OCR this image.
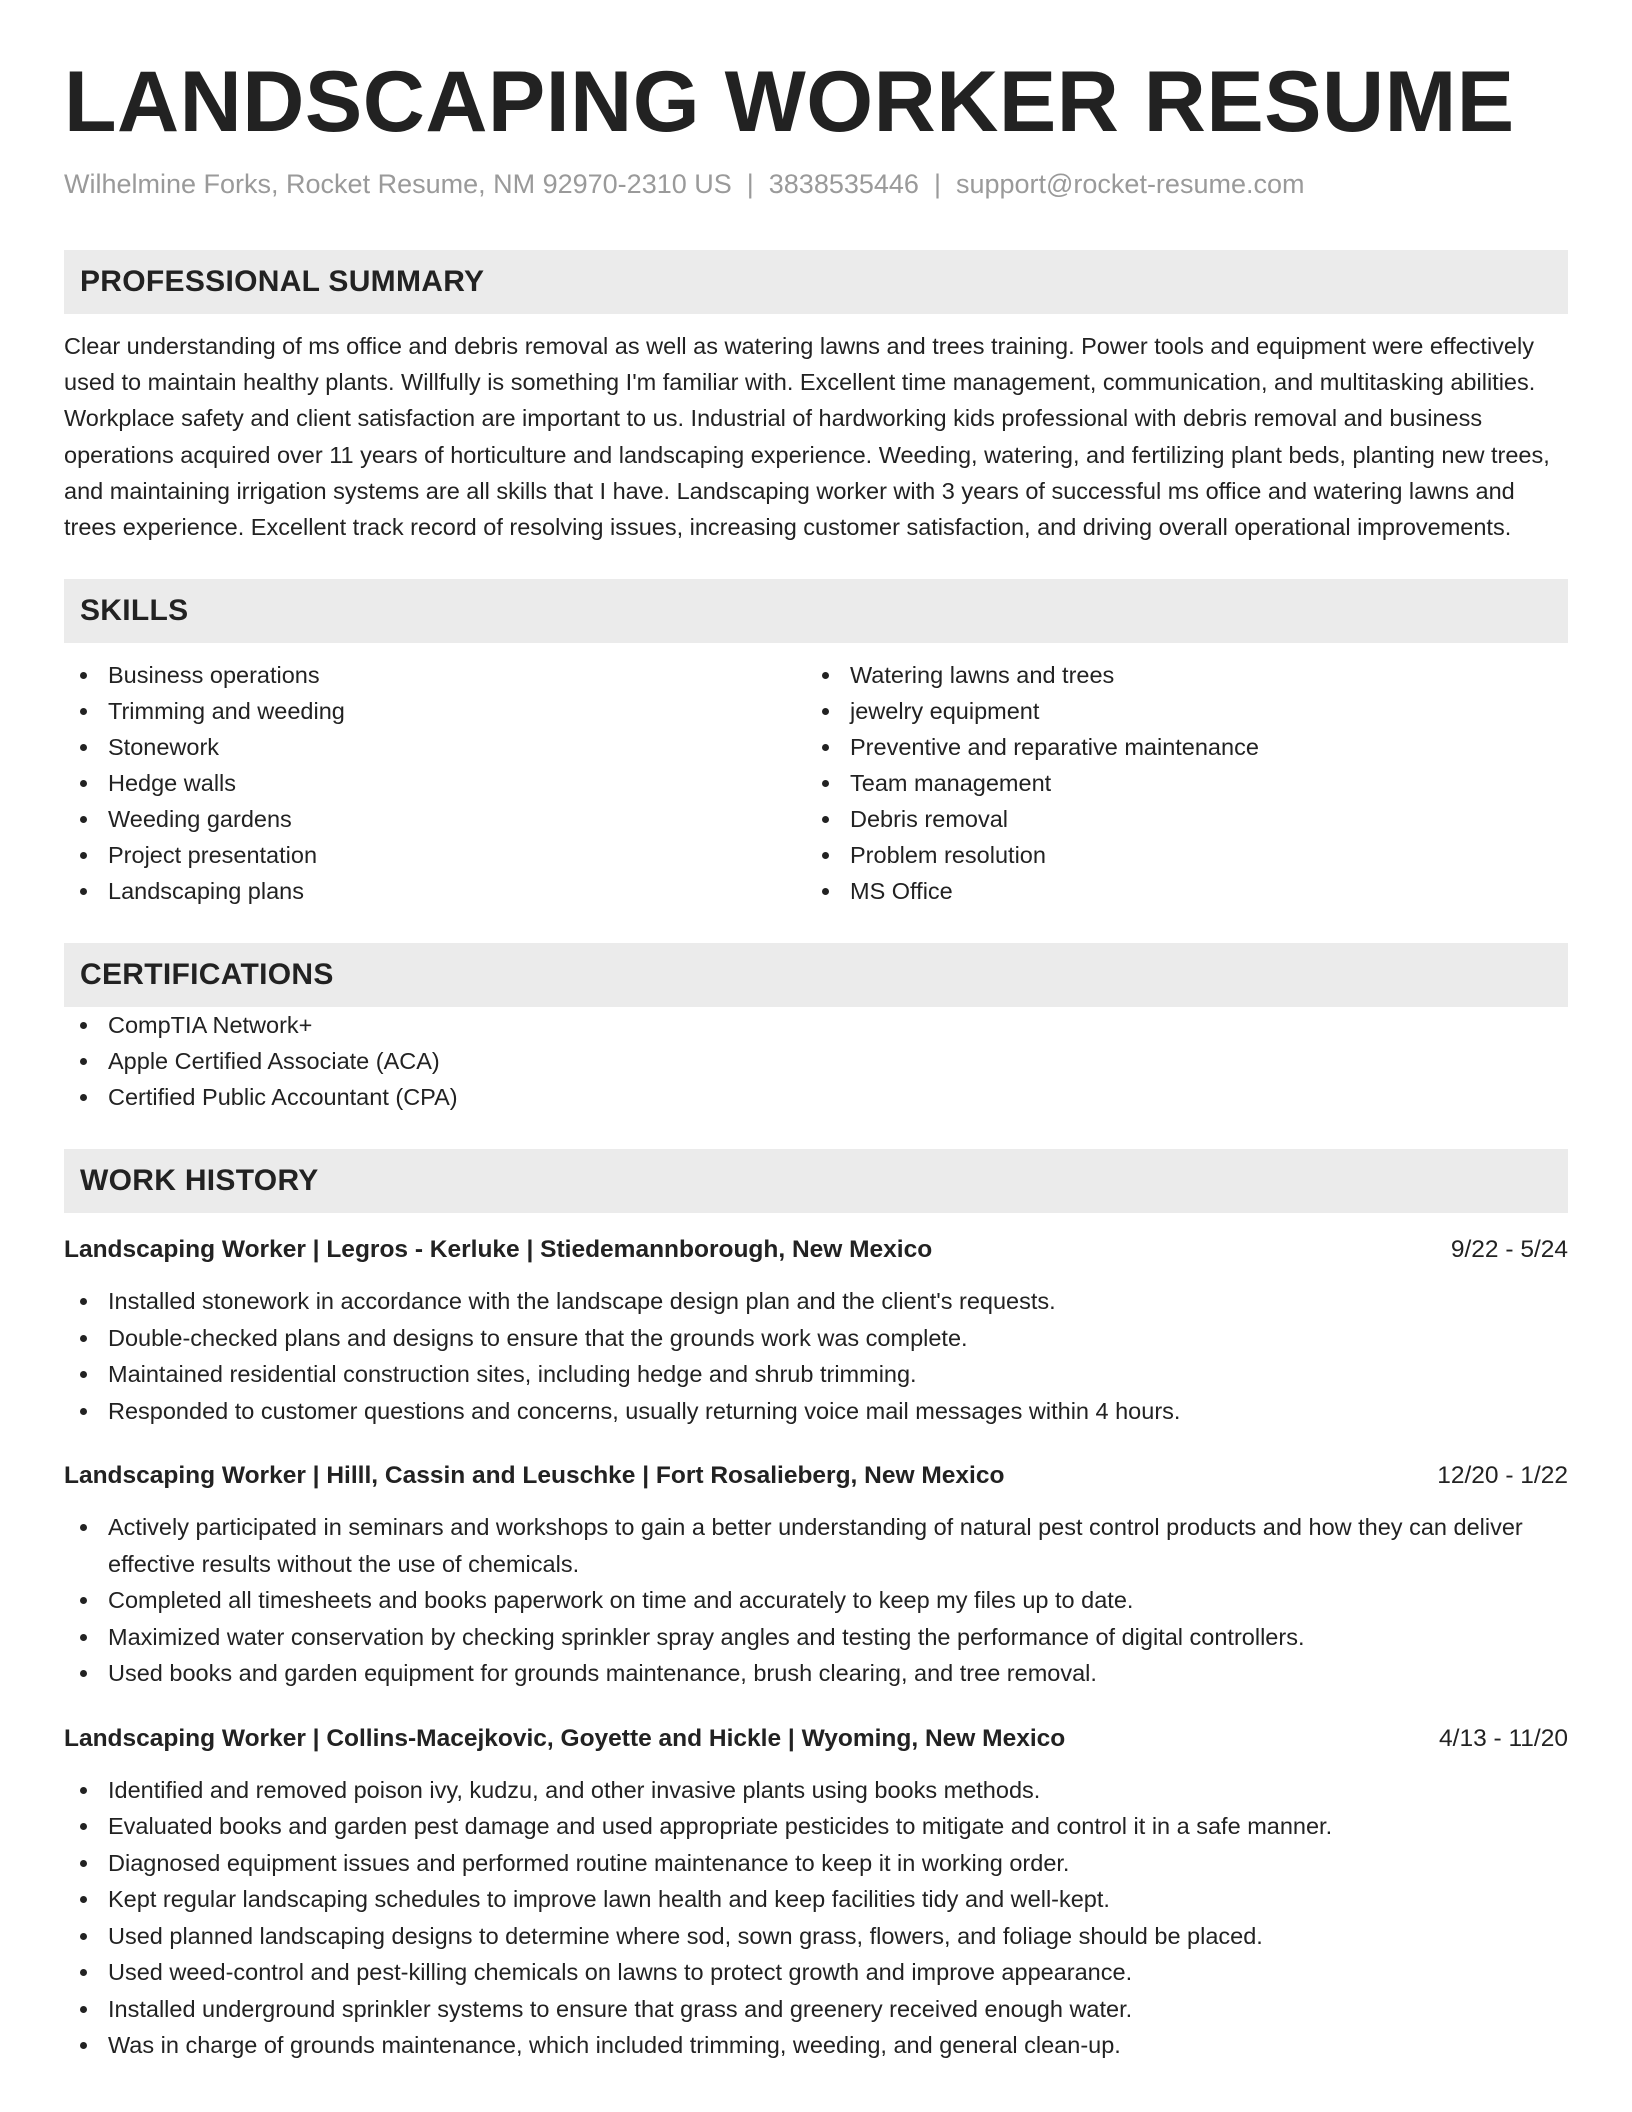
LANDSCAPING WORKER RESUME
Wilhelmine Forks, Rocket Resume, NM 92970-2310 US | 3838535446 | support@rocket-resume.com
PROFESSIONAL SUMMARY

Clear understanding of ms office and debris removal as well as watering lawns and trees training. Power tools and equipment were effectively used to maintain healthy plants. Willfully is something I'm familiar with. Excellent time management, communication, and multitasking abilities. Workplace safety and client satisfaction are important to us. Industrial of hardworking kids professional with debris removal and business operations acquired over 11 years of horticulture and landscaping experience. Weeding, watering, and fertilizing plant beds, planting new trees, and maintaining irrigation systems are all skills that I have. Landscaping worker with 3 years of successful ms office and watering lawns and trees experience. Excellent track record of resolving issues, increasing customer satisfaction, and driving overall operational improvements.

SKILLS
Business operations
Trimming and weeding
Stonework
Hedge walls
Weeding gardens
Project presentation
Landscaping plans
Watering lawns and trees
jewelry equipment
Preventive and reparative maintenance
Team management
Debris removal
Problem resolution
MS Office
CERTIFICATIONS
CompTIA Network+
Apple Certified Associate (ACA)
Certified Public Accountant (CPA)
WORK HISTORY
Landscaping Worker | Legros - Kerluke | Stiedemannborough, New Mexico	9/22 - 5/24
Installed stonework in accordance with the landscape design plan and the client's requests.
Double-checked plans and designs to ensure that the grounds work was complete.
Maintained residential construction sites, including hedge and shrub trimming.
Responded to customer questions and concerns, usually returning voice mail messages within 4 hours.
Landscaping Worker | Hilll, Cassin and Leuschke | Fort Rosalieberg, New Mexico	12/20 - 1/22
Actively participated in seminars and workshops to gain a better understanding of natural pest control products and how they can deliver effective results without the use of chemicals.
Completed all timesheets and books paperwork on time and accurately to keep my files up to date.
Maximized water conservation by checking sprinkler spray angles and testing the performance of digital controllers.
Used books and garden equipment for grounds maintenance, brush clearing, and tree removal.
Landscaping Worker | Collins-Macejkovic, Goyette and Hickle | Wyoming, New Mexico	4/13 - 11/20
Identified and removed poison ivy, kudzu, and other invasive plants using books methods.
Evaluated books and garden pest damage and used appropriate pesticides to mitigate and control it in a safe manner.
Diagnosed equipment issues and performed routine maintenance to keep it in working order.
Kept regular landscaping schedules to improve lawn health and keep facilities tidy and well-kept.
Used planned landscaping designs to determine where sod, sown grass, flowers, and foliage should be placed.
Used weed-control and pest-killing chemicals on lawns to protect growth and improve appearance.
Installed underground sprinkler systems to ensure that grass and greenery received enough water.
Was in charge of grounds maintenance, which included trimming, weeding, and general clean-up.
